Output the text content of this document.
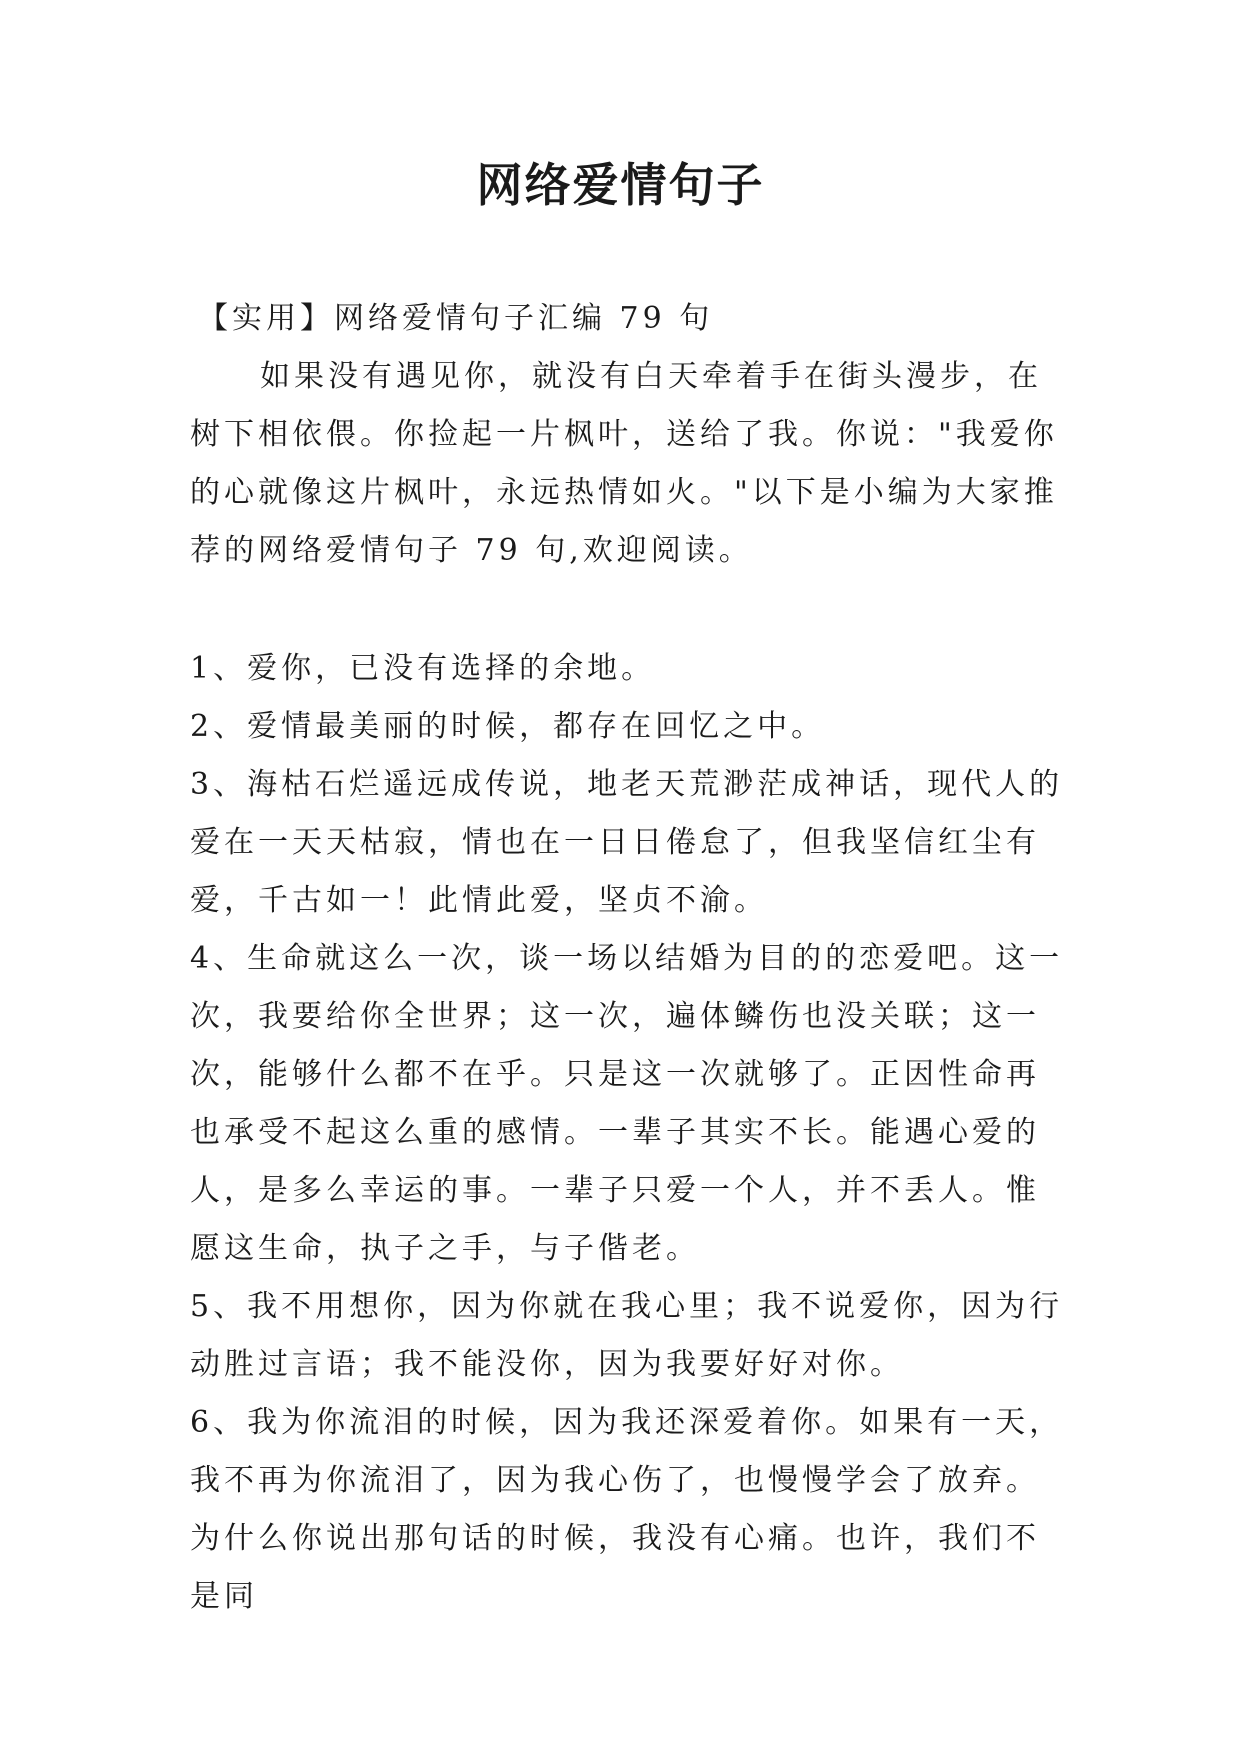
网络爱情句子

【实用】网络爱情句子汇编 79 句

如果没有遇见你，就没有白天牵着手在街头漫步，在树下相依偎。你捡起一片枫叶，送给了我。你说："我爱你的心就像这片枫叶，永远热情如火。"以下是小编为大家推荐的网络爱情句子 79 句,欢迎阅读。

1、爱你，已没有选择的余地。

2、爱情最美丽的时候，都存在回忆之中。

3、海枯石烂遥远成传说，地老天荒渺茫成神话，现代人的爱在一天天枯寂，情也在一日日倦怠了，但我坚信红尘有爱，千古如一！此情此爱，坚贞不渝。

4、生命就这么一次，谈一场以结婚为目的的恋爱吧。这一次，我要给你全世界；这一次，遍体鳞伤也没关联；这一次，能够什么都不在乎。只是这一次就够了。正因性命再也承受不起这么重的感情。一辈子其实不长。能遇心爱的人，是多么幸运的事。一辈子只爱一个人，并不丢人。惟愿这生命，执子之手，与子偕老。

5、我不用想你，因为你就在我心里；我不说爱你，因为行动胜过言语；我不能没你，因为我要好好对你。

6、我为你流泪的时候，因为我还深爱着你。如果有一天，我不再为你流泪了，因为我心伤了，也慢慢学会了放弃。为什么你说出那句话的时候，我没有心痛。也许，我们不是同
